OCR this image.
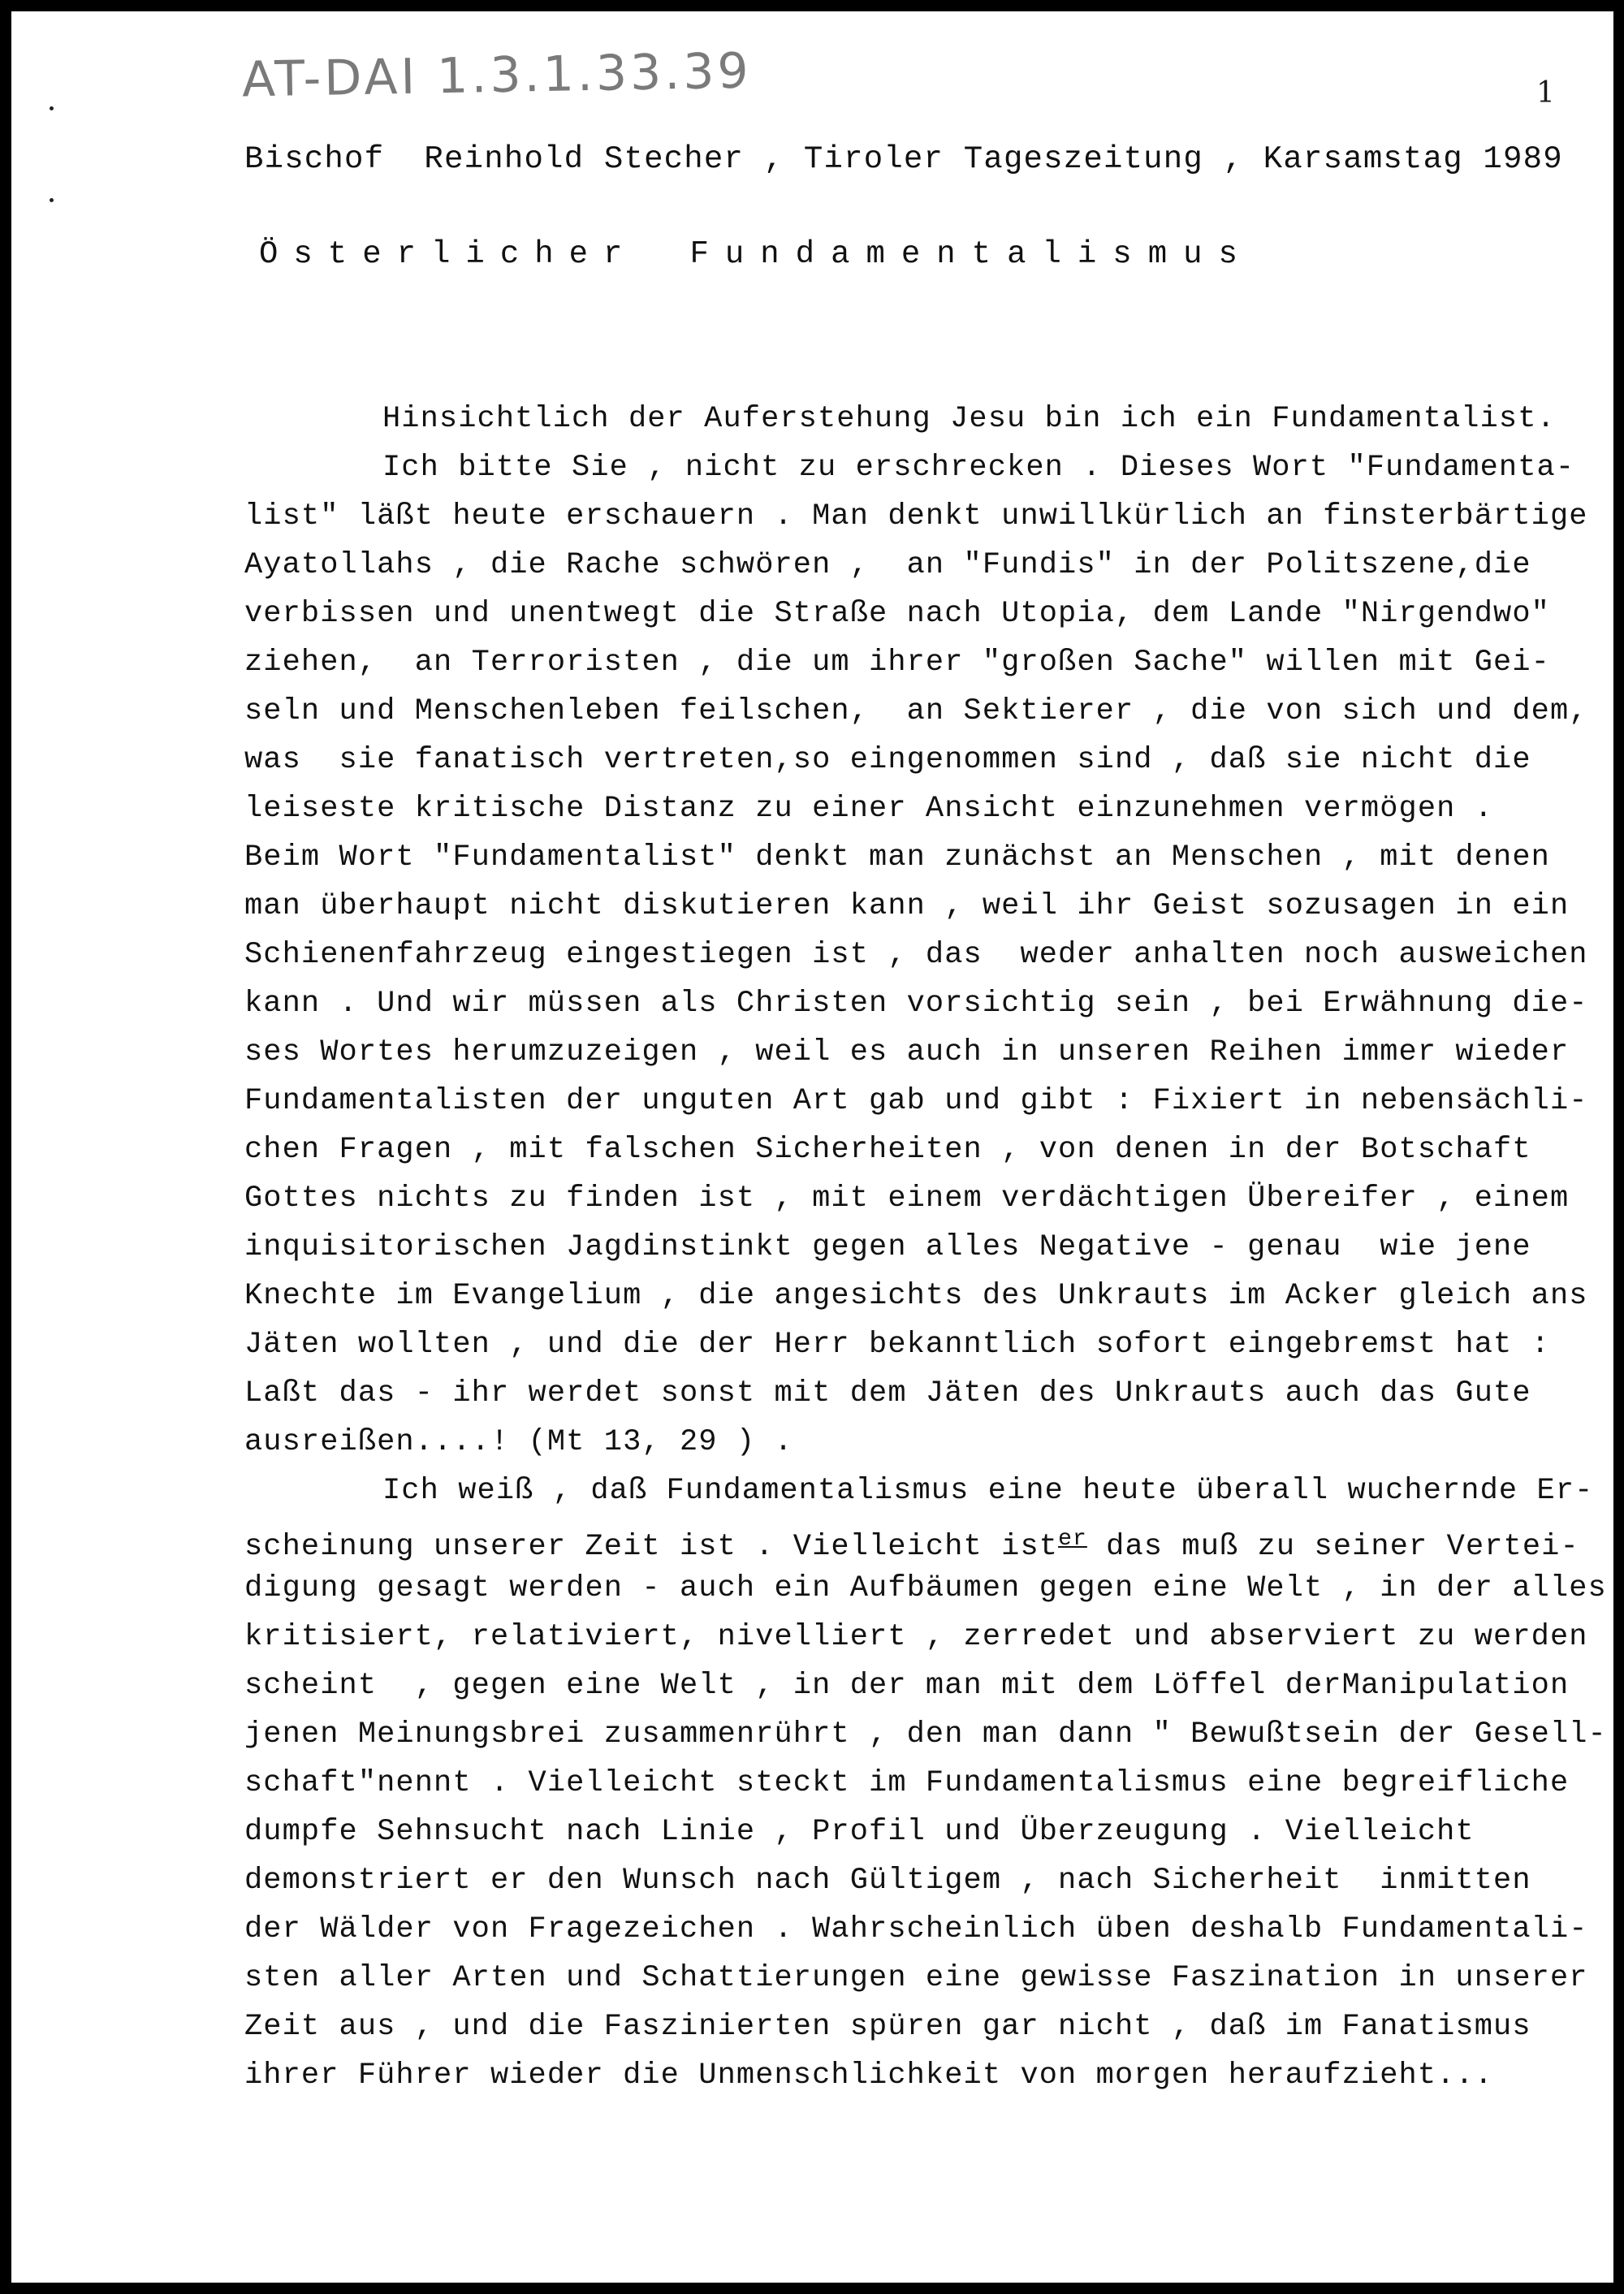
AT-DAI 1.3.1.33.39	1

Bischof  Reinhold Stecher , Tiroler Tageszeitung , Karsamstag 1989

Österlicher Fundamentalismus

Hinsichtlich der Auferstehung Jesu bin ich ein Fundamentalist.

Ich bitte Sie , nicht zu erschrecken . Dieses Wort "Fundamenta-

list" läßt heute erschauern . Man denkt unwillkürlich an finsterbärtige

Ayatollahs , die Rache schwören ,  an "Fundis" in der Politszene,die

verbissen und unentwegt die Straße nach Utopia, dem Lande "Nirgendwo"

ziehen,  an Terroristen , die um ihrer "großen Sache" willen mit Gei-

seln und Menschenleben feilschen,  an Sektierer , die von sich und dem,

was  sie fanatisch vertreten,so eingenommen sind , daß sie nicht die

leiseste kritische Distanz zu einer Ansicht einzunehmen vermögen .

Beim Wort "Fundamentalist" denkt man zunächst an Menschen , mit denen

man überhaupt nicht diskutieren kann , weil ihr Geist sozusagen in ein

Schienenfahrzeug eingestiegen ist , das  weder anhalten noch ausweichen

kann . Und wir müssen als Christen vorsichtig sein , bei Erwähnung die-

ses Wortes herumzuzeigen , weil es auch in unseren Reihen immer wieder

Fundamentalisten der unguten Art gab und gibt : Fixiert in nebensächli-

chen Fragen , mit falschen Sicherheiten , von denen in der Botschaft

Gottes nichts zu finden ist , mit einem verdächtigen Übereifer , einem

inquisitorischen Jagdinstinkt gegen alles Negative - genau  wie jene

Knechte im Evangelium , die angesichts des Unkrauts im Acker gleich ans

Jäten wollten , und die der Herr bekanntlich sofort eingebremst hat :

Laßt das - ihr werdet sonst mit dem Jäten des Unkrauts auch das Gute

ausreißen....! (Mt 13, 29 ) .

Ich weiß , daß Fundamentalismus eine heute überall wuchernde Er-

scheinung unserer Zeit ist . Vielleicht ist$^{er}$ das muß zu seiner Vertei-

digung gesagt werden - auch ein Aufbäumen gegen eine Welt , in der alles

kritisiert, relativiert, nivelliert , zerredet und abserviert zu werden

scheint  , gegen eine Welt , in der man mit dem Löffel derManipulation

jenen Meinungsbrei zusammenrührt , den man dann " Bewußtsein der Gesell-

schaft"nennt . Vielleicht steckt im Fundamentalismus eine begreifliche

dumpfe Sehnsucht nach Linie , Profil und Überzeugung . Vielleicht

demonstriert er den Wunsch nach Gültigem , nach Sicherheit  inmitten

der Wälder von Fragezeichen . Wahrscheinlich üben deshalb Fundamentali-

sten aller Arten und Schattierungen eine gewisse Faszination in unserer

Zeit aus , und die Faszinierten spüren gar nicht , daß im Fanatismus

ihrer Führer wieder die Unmenschlichkeit von morgen heraufzieht...
